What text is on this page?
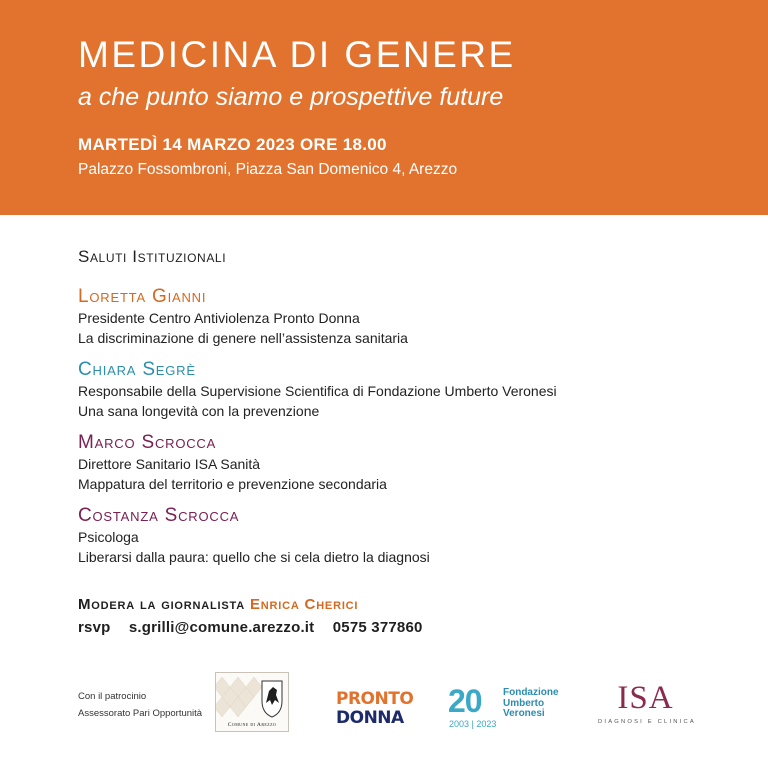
MEDICINA DI GENERE
a che punto siamo e prospettive future
MARTEDÌ 14 MARZO 2023 ORE 18.00
Palazzo Fossombroni, Piazza San Domenico 4, Arezzo
Saluti Istituzionali
Loretta Gianni
Presidente Centro Antiviolenza Pronto Donna
La discriminazione di genere nell’assistenza sanitaria
Chiara Segrè
Responsabile della Supervisione Scientifica di Fondazione Umberto Veronesi
Una sana longevità con la prevenzione
Marco Scrocca
Direttore Sanitario ISA Sanità
Mappatura del territorio e prevenzione secondaria
Costanza Scrocca
Psicologa
Liberarsi dalla paura: quello che si cela dietro la diagnosi
Modera la giornalista Enrica Cherici
rsvp s.grilli@comune.arezzo.it 0575 377860
Con il patrocinio
Assessorato Pari Opportunità
Comune di Arezzo
PRONTO
DONNA 20 Fondazione
Umberto
Veronesi
2003 | 2023
ISA
DIAGNOSI E CLINICA
